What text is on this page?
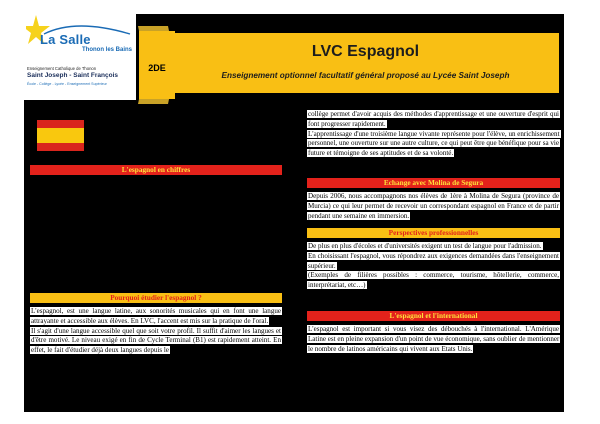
La Salle
Thonon les Bains
Enseignement Catholique de Thonon
Saint Joseph - Saint François
École - Collège - Lycée - Enseignement Supérieur
2DE
LVC Espagnol
Enseignement optionnel facultatif général proposé au Lycée Saint Joseph
L'espagnol en chiffres
Pourquoi étudier l'espagnol ?

L'espagnol, est une langue latine, aux sonorités musicales qui en font une langue attrayante et accessible aux élèves. En LVC, l'accent est mis sur la pratique de l'oral.

Il s'agit d'une langue accessible quel que soit votre profil. Il suffit d'aimer les langues et d'être motivé. Le niveau exigé en fin de Cycle Terminal (B1) est rapidement atteint. En effet, le fait d'étudier déjà deux langues depuis le

collège permet d'avoir acquis des méthodes d'apprentissage et une ouverture d'esprit qui font progresser rapidement.

L'apprentissage d'une troisième langue vivante représente pour l'élève, un enrichissement personnel, une ouverture sur une autre culture, ce qui peut être que bénéfique pour sa vie future et témoigne de ses aptitudes et de sa volonté.

Echange avec Molina de Segura

Depuis 2006, nous accompagnons nos élèves de 1ère à Molina de Segura (province de Murcia) ce qui leur permet de recevoir un correspondant espagnol en France et de partir pendant une semaine en immersion.

Perspectives professionnelles

De plus en plus d'écoles et d'universités exigent un test de langue pour l'admission.

En choisissant l'espagnol, vous répondrez aux exigences demandées dans l'enseignement supérieur.

(Exemples de filières possibles : commerce, tourisme, hôtellerie, commerce, interprétariat, etc…)

L'espagnol et l'international

L'espagnol est important si vous visez des débouchés à l'international. L'Amérique Latine est en pleine expansion d'un point de vue économique, sans oublier de mentionner le nombre de latinos américains qui vivent aux Etats Unis.
